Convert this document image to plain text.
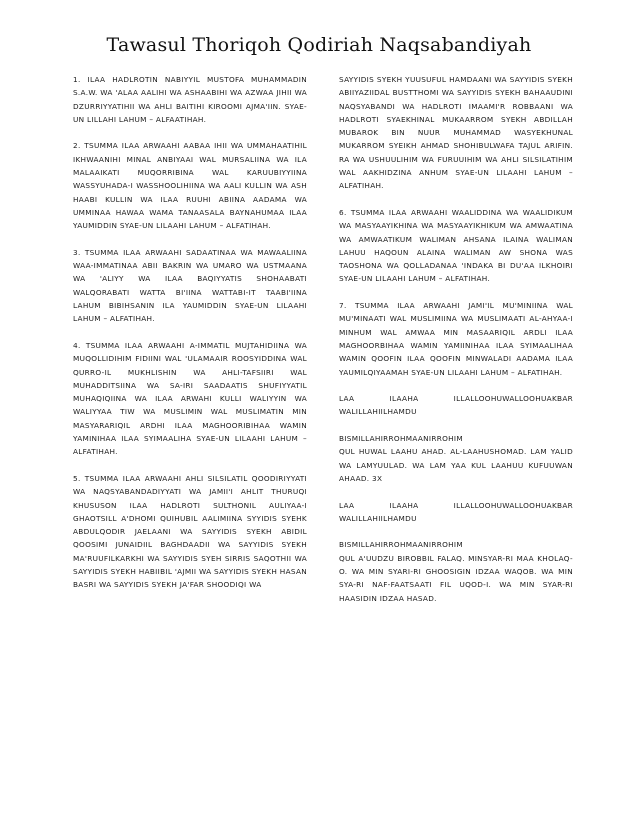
Tawasul Thoriqoh Qodiriah Naqsabandiyah

1. ILAA HADLROTIN NABIYYIL MUSTOFA MUHAMMADIN S.A.W. WA 'ALAA AALIHI WA ASHAABIHI WA AZWAA JIHII WA DZURRIYYATIHII WA AHLI BAITIHI KIROOMI AJMA'IIN. SYAE-UN LILLAHI LAHUM – ALFAATIHAH.

2. TSUMMA ILAA ARWAAHI AABAA IHII WA UMMAHAATIHIL IKHWAANIHI MINAL ANBIYAAI WAL MURSALIINA WA ILA MALAAIKATI MUQORRIBINA WAL KARUUBIYYIINA WASSYUHADA-I WASSHOOLIHIINA WA AALI KULLIN WA ASH HAABI KULLIN WA ILAA RUUHI ABIINA AADAMA WA UMMINAA HAWAA WAMA TANAASALA BAYNAHUMAA ILAA YAUMIDDIN SYAE-UN LILAAHI LAHUM – ALFATIHAH.

3. TSUMMA ILAA ARWAAHI SADAATINAA WA MAWAALIINA WAA-IMMATINAA ABII BAKRIN WA UMARO WA USTMAANA WA 'ALIYY WA ILAA BAQIYYATIS SHOHAABATI WALQORABATI WATTA BI'IINA WATTABI-IT TAABI'IINA LAHUM BIBIHSANIN ILA YAUMIDDIN SYAE-UN LILAAHI LAHUM – ALFATIHAH.

4. TSUMMA ILAA ARWAAHI A-IMMATIL MUJTAHIDIINA WA MUQOLLIDIHIM FIDIINI WAL 'ULAMAAIR ROOSYIDDINA WAL QURRO-IL MUKHLISHIN WA AHLI-TAFSIIRI WAL MUHADDITSIINA WA SA-IRI SAADAATIS SHUFIYYATIL MUHAQIQIINA WA ILAA ARWAHI KULLI WALIYYIN WA WALIYYAA TIW WA MUSLIMIN WAL MUSLIMATIN MIN MASYARARIQIL ARDHI ILAA MAGHOORIBIHAA WAMIN YAMINIHAA ILAA SYIMAALIHA SYAE-UN LILAAHI LAHUM – ALFATIHAH.

5. TSUMMA ILAA ARWAAHI AHLI SILSILATIL QOODIRIYYATI WA NAQSYABANDADIYYATI WA JAMII'I AHLIT THURUQI KHUSUSON ILAA HADLROTI SULTHONIL AULIYAA-I GHAOTSILL A'DHOMI QUIHUBIL AALIMIINA SYYIDIS SYEHK ABDULQODIR JAELAANI WA SAYYIDIS SYEKH ABIDIL QOOSIMI JUNAIDIIL BAGHDAADII WA SAYYIDIS SYEKH MA'RUUFILKARKHI WA SAYYIDIS SYEH SIRRIS SAQOTHII WA SAYYIDIS SYEKH HABIIBIL 'AJMII WA SAYYIDIS SYEKH HASAN BASRI WA SAYYIDIS SYEKH JA'FAR SHOODIQI WA

SAYYIDIS SYEKH YUUSUFUL HAMDAANI WA SAYYIDIS SYEKH ABIIYAZIIDAL BUSTTHOMI WA SAYYIDIS SYEKH BAHAAUDINI NAQSYABANDI WA HADLROTI IMAAMI'R ROBBAANI WA HADLROTI SYAEKHINAL MUKAARROM SYEKH ABDILLAH MUBAROK BIN NUUR MUHAMMAD WASYEKHUNAL MUKARROM SYEIKH AHMAD SHOHIBULWAFA TAJUL ARIFIN. RA WA USHUULIHIM WA FURUUIHIM WA AHLI SILSILATIHIM WAL AAKHIDZINA ANHUM SYAE-UN LILAAHI LAHUM – ALFATIHAH.

6. TSUMMA ILAA ARWAAHI WAALIDDINA WA WAALIDIKUM WA MASYAAYIKHINA WA MASYAAYIKHIKUM WA AMWAATINA WA AMWAATIKUM WALIMAN AHSANA ILAINA WALIMAN LAHUU HAQOUN ALAINA WALIMAN AW SHONA WAS TAOSHONA WA QOLLADANAA 'INDAKA BI DU'AA ILKHOIRI SYAE-UN LILAAHI LAHUM – ALFATIHAH.

7. TSUMMA ILAA ARWAAHI JAMI'IL MU'MINIINA WAL MU'MINAATI WAL MUSLIMIINA WA MUSLIMAATI AL-AHYAA-I MINHUM WAL AMWAA MIN MASAARIQIL ARDLI ILAA MAGHOORBIHAA WAMIN YAMIINIHAA ILAA SYIMAALIHAA WAMIN QOOFIN ILAA QOOFIN MINWALADI AADAMA ILAA YAUMILQIYAAMAH SYAE-UN LILAAHI LAHUM – ALFATIHAH.

LAA ILAAHA ILLALLOOHUWALLOOHUAKBAR WALILLAHIILHAMDU

BISMILLAHIRROHMAANIRROHIM
QUL HUWAL LAAHU AHAD. AL-LAAHUSHOMAD. LAM YALID WA LAMYUULAD. WA LAM YAA KUL LAAHUU KUFUUWAN AHAAD. 3X

LAA ILAAHA ILLALLOOHUWALLOOHUAKBAR WALILLAHIILHAMDU

BISMILLAHIRROHMAANIRROHIM
QUL A'UUDZU BIROBBIL FALAQ. MINSYAR-RI MAA KHOLAQ-O. WA MIN SYARI-RI GHOOSIGIN IDZAA WAQOB. WA MIN SYA-RI NAF-FAATSAATI FIL UQOD-I. WA MIN SYAR-RI HAASIDIN IDZAA HASAD.
